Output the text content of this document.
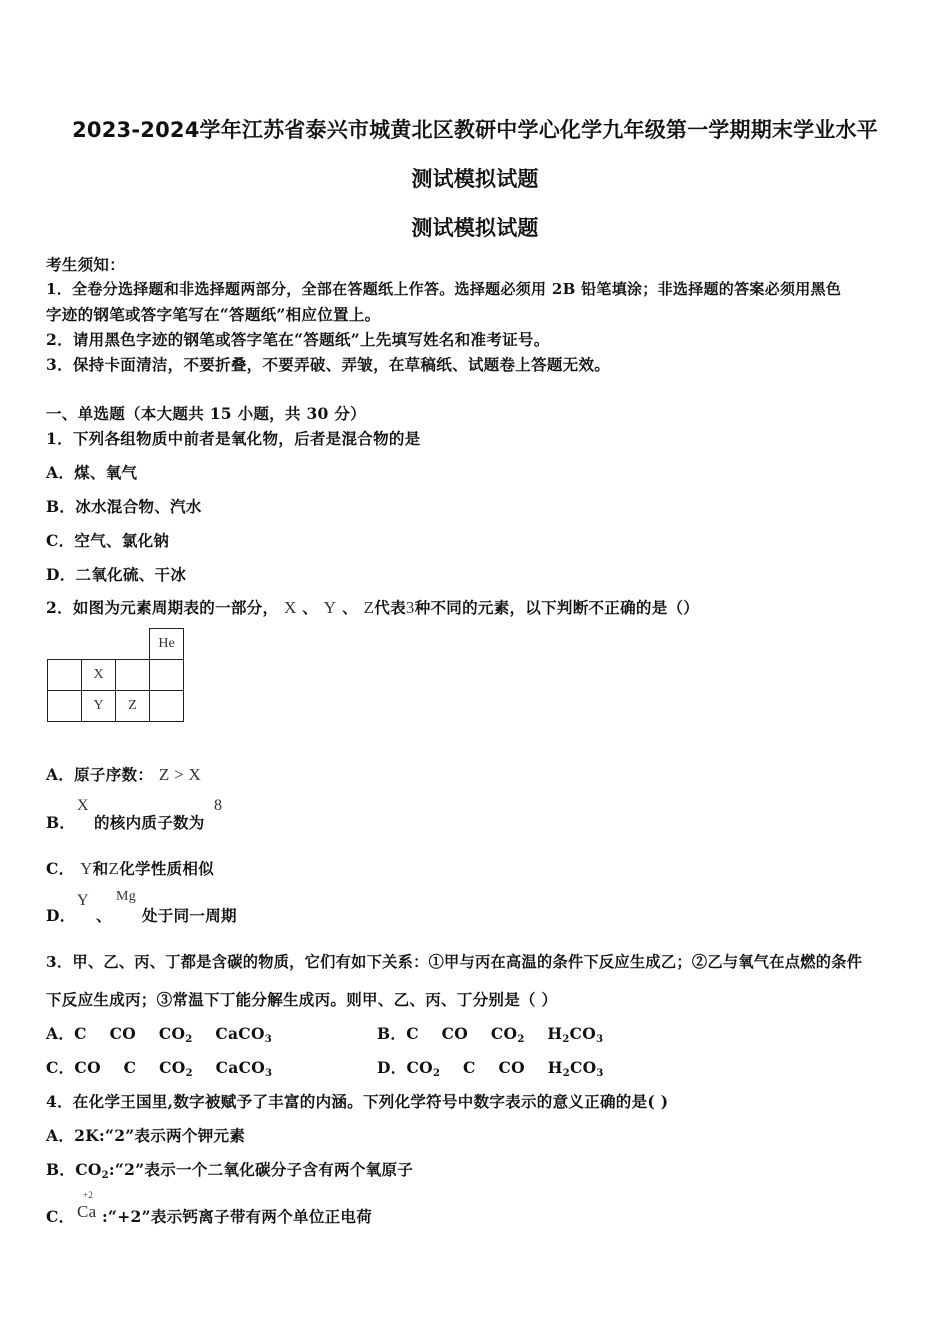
2023-2024学年江苏省泰兴市城黄北区教研中学心化学九年级第一学期期末学业水平
测试模拟试题
测试模拟试题
考生须知：
1．全卷分选择题和非选择题两部分，全部在答题纸上作答。选择题必须用 2B 铅笔填涂；非选择题的答案必须用黑色
字迹的钢笔或答字笔写在“答题纸”相应位置上。
2．请用黑色字迹的钢笔或答字笔在“答题纸”上先填写姓名和准考证号。
3．保持卡面清洁，不要折叠，不要弄破、弄皱，在草稿纸、试题卷上答题无效。
一、单选题（本大题共 15 小题，共 30 分）
1．下列各组物质中前者是氧化物，后者是混合物的是
A．煤、氧气
B．冰水混合物、汽水
C．空气、氯化钠
D．二氧化硫、干冰
2．如图为元素周期表的一部分， X 、 Y 、 Z代表3种不同的元素，以下判断不正确的是（）
			He
	X		
	Y	Z	
A．原子序数： Z > X
B．
X
的核内质子数为
8
C． Y和Z化学性质相似
D．
Y
、
Mg
处于同一周期
3．甲、乙、丙、丁都是含碳的物质，它们有如下关系：①甲与丙在高温的条件下反应生成乙；②乙与氧气在点燃的条件
下反应生成丙；③常温下丁能分解生成丙。则甲、乙、丙、丁分别是（ ）
A．C CO $CO_2$ CaCO$_3$	B．C CO $CO_2$ $H_2CO_3$
C．CO C $CO_2$ CaCO$_3$	D．$CO_2$ C CO $H_2CO_3$
4．在化学王国里,数字被赋予了丰富的内涵。下列化学符号中数字表示的意义正确的是( )
A．2K:“2”表示两个钾元素
B．$CO_2:“2$”表示一个二氧化碳分子含有两个氧原子
C．
+2
Ca :“+2”表示钙离子带有两个单位正电荷
